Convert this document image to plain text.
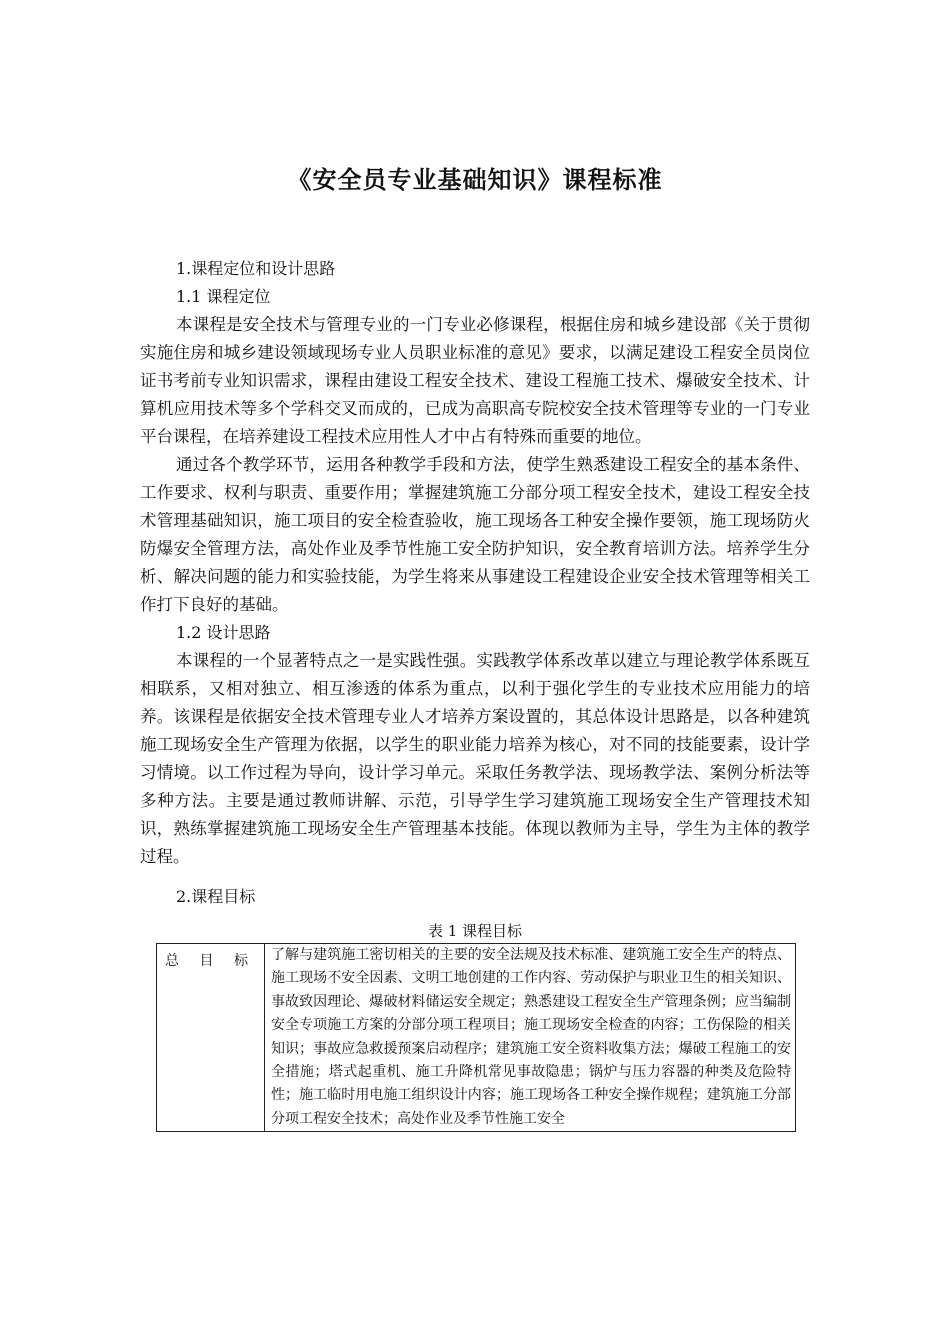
《安全员专业基础知识》课程标准

1.课程定位和设计思路

1.1 课程定位

本课程是安全技术与管理专业的一门专业必修课程，根据住房和城乡建设部《关于贯彻实施住房和城乡建设领域现场专业人员职业标准的意见》要求，以满足建设工程安全员岗位证书考前专业知识需求，课程由建设工程安全技术、建设工程施工技术、爆破安全技术、计算机应用技术等多个学科交叉而成的，已成为高职高专院校安全技术管理等专业的一门专业平台课程，在培养建设工程技术应用性人才中占有特殊而重要的地位。

通过各个教学环节，运用各种教学手段和方法，使学生熟悉建设工程安全的基本条件、工作要求、权利与职责、重要作用；掌握建筑施工分部分项工程安全技术，建设工程安全技术管理基础知识，施工项目的安全检查验收，施工现场各工种安全操作要领，施工现场防火防爆安全管理方法，高处作业及季节性施工安全防护知识，安全教育培训方法。培养学生分析、解决问题的能力和实验技能，为学生将来从事建设工程建设企业安全技术管理等相关工作打下良好的基础。

1.2 设计思路

本课程的一个显著特点之一是实践性强。实践教学体系改革以建立与理论教学体系既互相联系，又相对独立、相互渗透的体系为重点，以利于强化学生的专业技术应用能力的培养。该课程是依据安全技术管理专业人才培养方案设置的，其总体设计思路是，以各种建筑施工现场安全生产管理为依据，以学生的职业能力培养为核心，对不同的技能要素，设计学习情境。以工作过程为导向，设计学习单元。采取任务教学法、现场教学法、案例分析法等多种方法。主要是通过教师讲解、示范，引导学生学习建筑施工现场安全生产管理技术知识，熟练掌握建筑施工现场安全生产管理基本技能。体现以教师为主导，学生为主体的教学过程。

2.课程目标

表 1 课程目标

总 目 标	了解与建筑施工密切相关的主要的安全法规及技术标准、建筑施工安全生产的特点、施工现场不安全因素、文明工地创建的工作内容、劳动保护与职业卫生的相关知识、事故致因理论、爆破材料储运安全规定；熟悉建设工程安全生产管理条例；应当编制安全专项施工方案的分部分项工程项目；施工现场安全检查的内容；工伤保险的相关知识；事故应急救援预案启动程序；建筑施工安全资料收集方法；爆破工程施工的安全措施；塔式起重机、施工升降机常见事故隐患；锅炉与压力容器的种类及危险特性；施工临时用电施工组织设计内容；施工现场各工种安全操作规程；建筑施工分部分项工程安全技术；高处作业及季节性施工安全
